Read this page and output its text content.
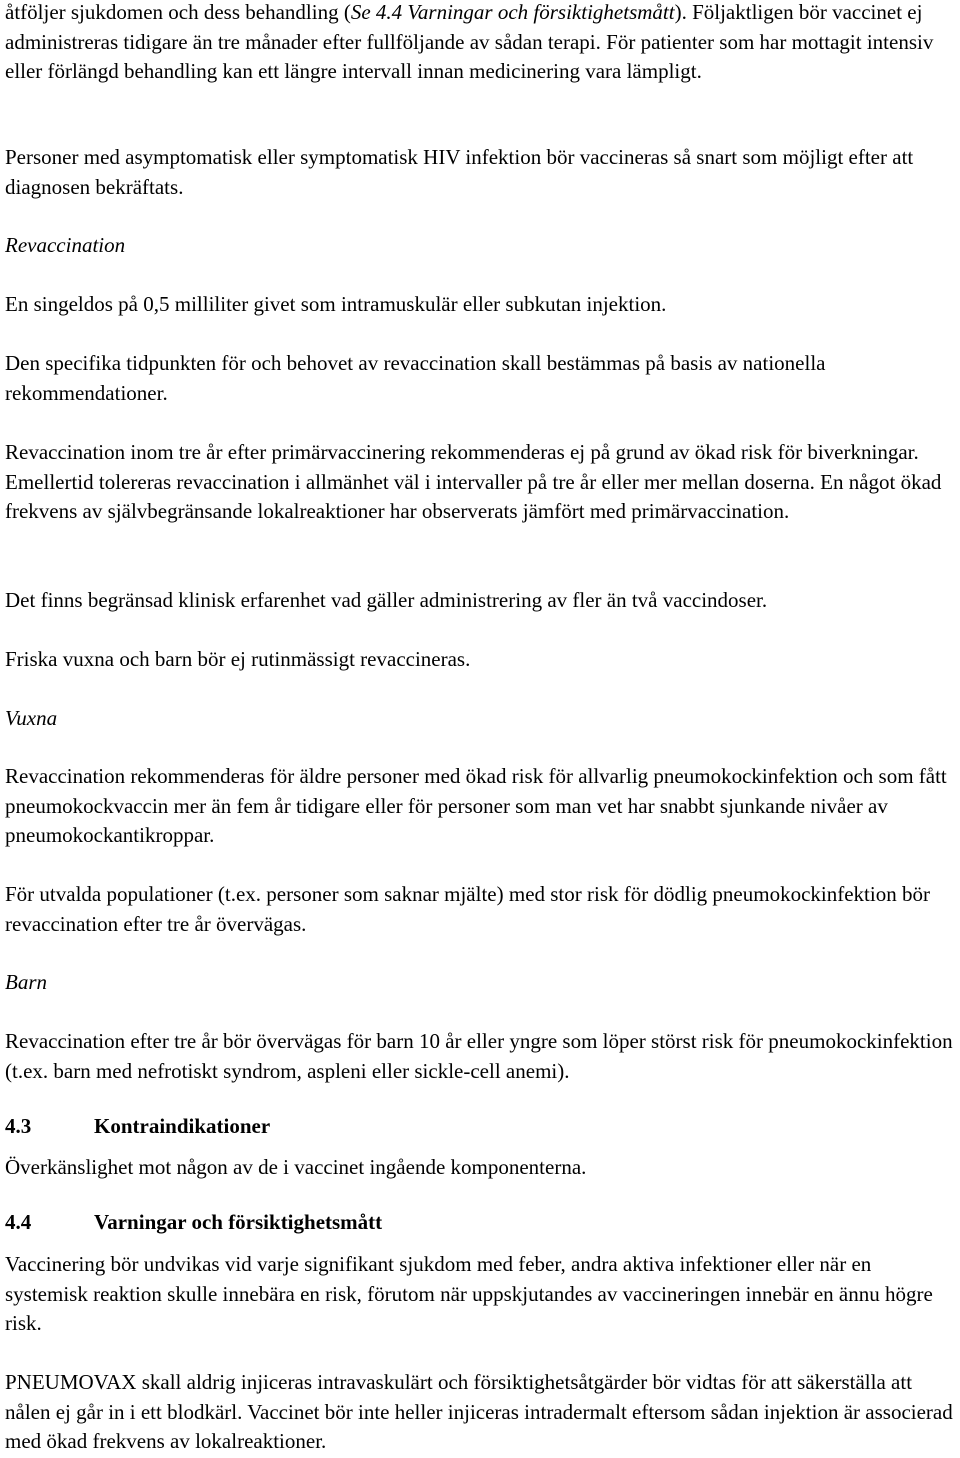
åtföljer sjukdomen och dess behandling (Se 4.4 Varningar och försiktighetsmått). Följaktligen bör vaccinet ej administreras tidigare än tre månader efter fullföljande av sådan terapi. För patienter som har mottagit intensiv eller förlängd behandling kan ett längre intervall innan medicinering vara lämpligt.

Personer med asymptomatisk eller symptomatisk HIV infektion bör vaccineras så snart som möjligt efter att diagnosen bekräftats.

Revaccination

En singeldos på 0,5 milliliter givet som intramuskulär eller subkutan injektion.

Den specifika tidpunkten för och behovet av revaccination skall bestämmas på basis av nationella rekommendationer.

Revaccination inom tre år efter primärvaccinering rekommenderas ej på grund av ökad risk för biverkningar. Emellertid tolereras revaccination i allmänhet väl i intervaller på tre år eller mer mellan doserna. En något ökad frekvens av självbegränsande lokalreaktioner har observerats jämfört med primärvaccination.

Det finns begränsad klinisk erfarenhet vad gäller administrering av fler än två vaccindoser.

Friska vuxna och barn bör ej rutinmässigt revaccineras.

Vuxna

Revaccination rekommenderas för äldre personer med ökad risk för allvarlig pneumokockinfektion och som fått pneumokockvaccin mer än fem år tidigare eller för personer som man vet har snabbt sjunkande nivåer av pneumokockantikroppar.

För utvalda populationer (t.ex. personer som saknar mjälte) med stor risk för dödlig pneumokockinfektion bör revaccination efter tre år övervägas.

Barn

Revaccination efter tre år bör övervägas för barn 10 år eller yngre som löper störst risk för pneumokockinfektion (t.ex. barn med nefrotiskt syndrom, aspleni eller sickle-cell anemi).

4.3	Kontraindikationer

Överkänslighet mot någon av de i vaccinet ingående komponenterna.

4.4	Varningar och försiktighetsmått

Vaccinering bör undvikas vid varje signifikant sjukdom med feber, andra aktiva infektioner eller när en systemisk reaktion skulle innebära en risk, förutom när uppskjutandes av vaccineringen innebär en ännu högre risk.

PNEUMOVAX skall aldrig injiceras intravaskulärt och försiktighetsåtgärder bör vidtas för att säkerställa att nålen ej går in i ett blodkärl. Vaccinet bör inte heller injiceras intradermalt eftersom sådan injektion är associerad med ökad frekvens av lokalreaktioner.
